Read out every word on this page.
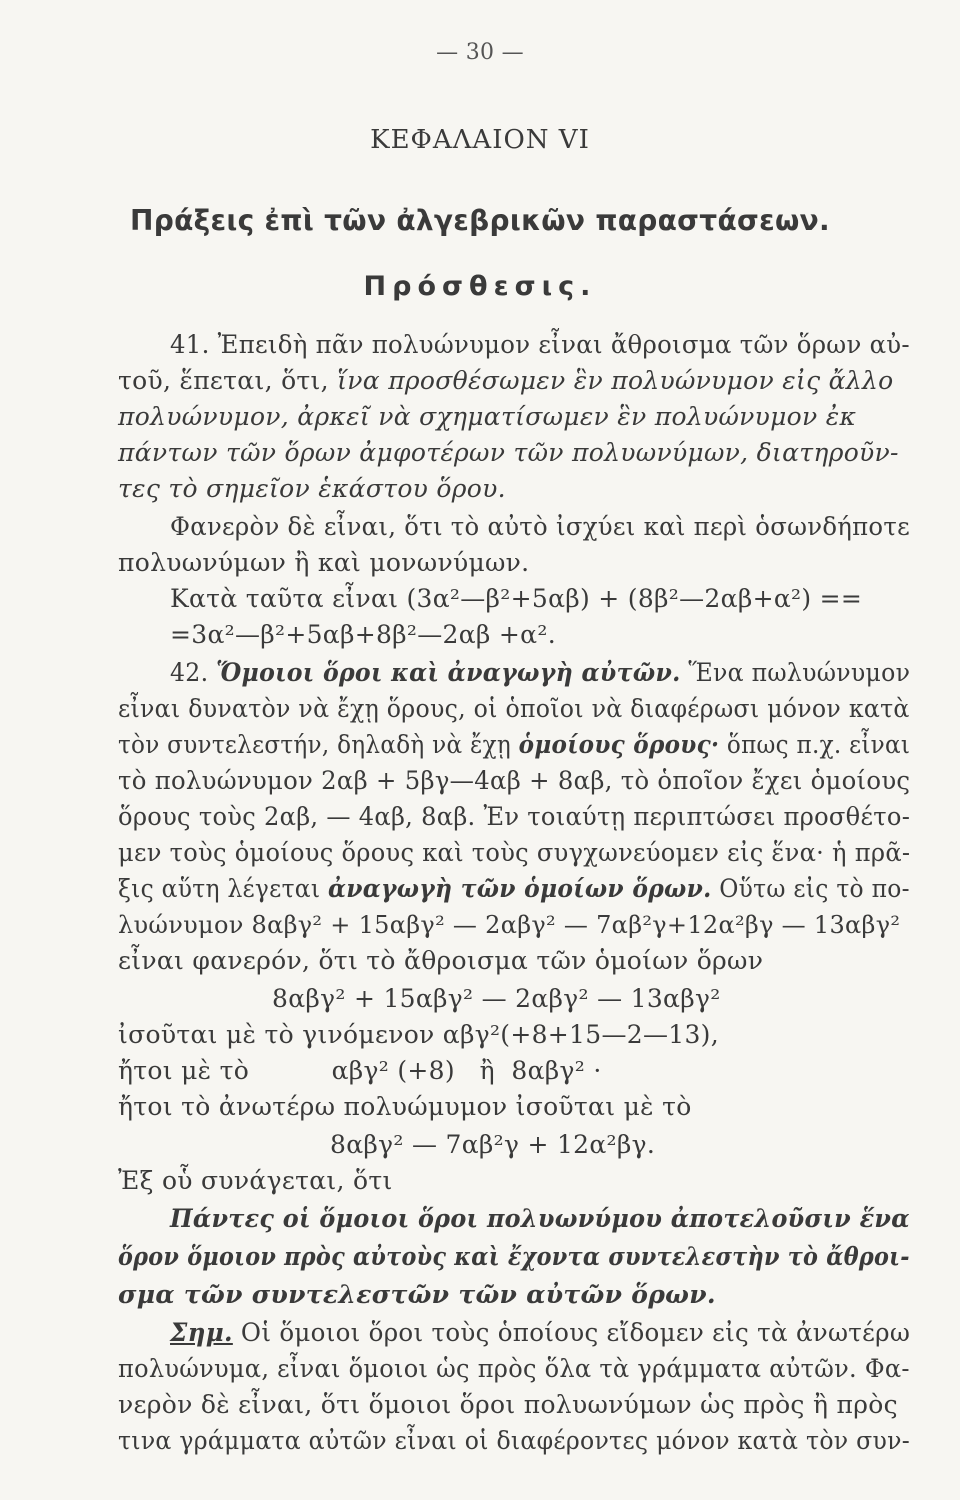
— 30 —
ΚΕΦΑΛΑΙΟΝ VI
Πράξεις ἐπὶ τῶν ἀλγεβρικῶν παραστάσεων.
Πρόσθεσις.
41. Ἐπειδὴ πᾶν πολυώνυμον εἶναι ἄθροισμα τῶν ὅρων αὐ-
τοῦ, ἕπεται, ὅτι, ἵνα προσθέσωμεν ἓν πολυώνυμον εἰς ἄλλο
πολυώνυμον, ἀρκεῖ νὰ σχηματίσωμεν ἓν πολυώνυμον ἐκ
πάντων τῶν ὅρων ἀμφοτέρων τῶν πολυωνύμων, διατηροῦν-
τες τὸ σημεῖον ἑκάστου ὅρου.
Φανερὸν δὲ εἶναι, ὅτι τὸ αὐτὸ ἰσχύει καὶ περὶ ὁσωνδήποτε
πολυωνύμων ἢ καὶ μονωνύμων.
Κατὰ ταῦτα εἶναι (3α²—β²+5αβ) + (8β²—2αβ+α²) ==
=3α²—β²+5αβ+8β²—2αβ +α².
42. Ὅμοιοι ὅροι καὶ ἀναγωγὴ αὐτῶν. Ἕνα πωλυώνυμον
εἶναι δυνατὸν νὰ ἔχῃ ὅρους, οἱ ὁποῖοι νὰ διαφέρωσι μόνον κατὰ
τὸν συντελεστήν, δηλαδὴ νὰ ἔχῃ ὁμοίους ὅρους· ὅπως π.χ. εἶναι
τὸ πολυώνυμον 2αβ + 5βγ—4αβ + 8αβ, τὸ ὁποῖον ἔχει ὁμοίους
ὅρους τοὺς 2αβ, — 4αβ, 8αβ. Ἐν τοιαύτῃ περιπτώσει προσθέτο-
μεν τοὺς ὁμοίους ὅρους καὶ τοὺς συγχωνεύομεν εἰς ἕνα· ἡ πρᾶ-
ξις αὕτη λέγεται ἀναγωγὴ τῶν ὁμοίων ὅρων. Οὕτω εἰς τὸ πο-
λυώνυμον 8αβγ² + 15αβγ² — 2αβγ² — 7αβ²γ+12α²βγ — 13αβγ²
εἶναι φανερόν, ὅτι τὸ ἄθροισμα τῶν ὁμοίων ὅρων
8αβγ² + 15αβγ² — 2αβγ² — 13αβγ²
ἰσοῦται μὲ τὸ γινόμενον αβγ²(+8+15—2—13),
ἤτοι μὲ τὸ          αβγ² (+8)   ἢ  8αβγ² ·
ἤτοι τὸ ἀνωτέρω πολυώμυμον ἰσοῦται μὲ τὸ
8αβγ² — 7αβ²γ + 12α²βγ.
Ἐξ οὗ συνάγεται, ὅτι
Πάντες οἱ ὅμοιοι ὅροι πολυωνύμου ἀποτελοῦσιν ἕνα
ὅρον ὅμοιον πρὸς αὐτοὺς καὶ ἔχοντα συντελεστὴν τὸ ἄθροι-
σμα τῶν συντελεστῶν τῶν αὐτῶν ὅρων.
Σημ. Οἱ ὅμοιοι ὅροι τοὺς ὁποίους εἴδομεν εἰς τὰ ἀνωτέρω
πολυώνυμα, εἶναι ὅμοιοι ὡς πρὸς ὅλα τὰ γράμματα αὐτῶν. Φα-
νερὸν δὲ εἶναι, ὅτι ὅμοιοι ὅροι πολυωνύμων ὡς πρὸς ἢ πρὸς
τινα γράμματα αὐτῶν εἶναι οἱ διαφέροντες μόνον κατὰ τὸν συν-
